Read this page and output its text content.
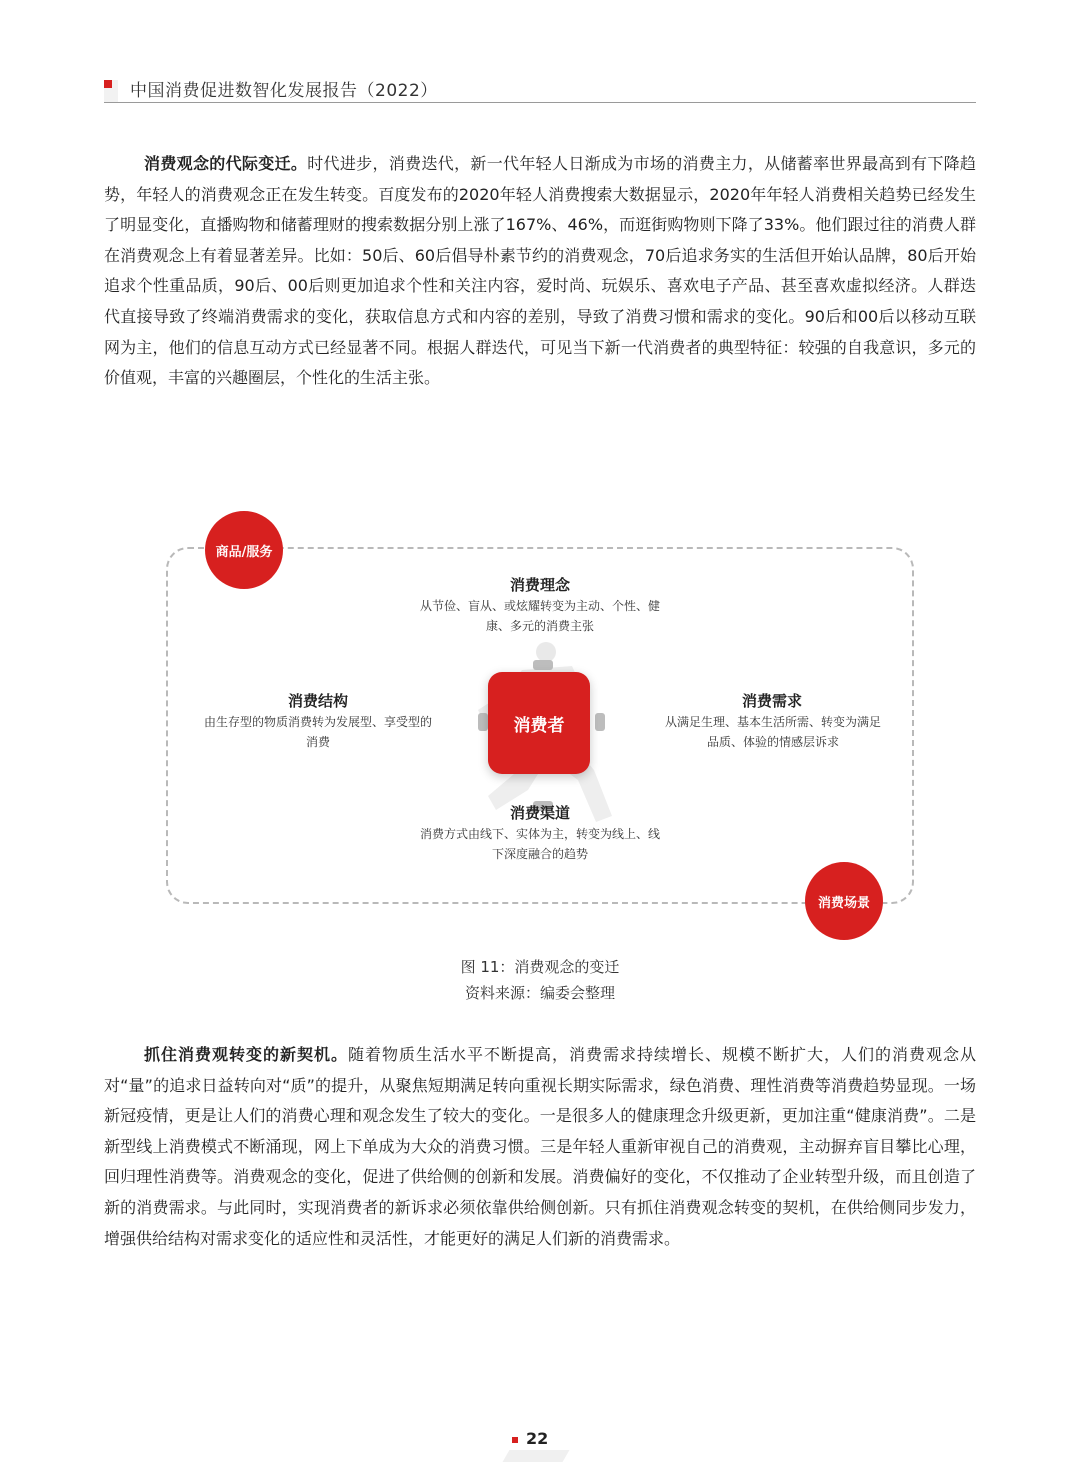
中国消费促进数智化发展报告（2022）

消费观念的代际变迁。时代进步，消费迭代，新一代年轻人日渐成为市场的消费主力，从储蓄率世界最高到有下降趋势，年轻人的消费观念正在发生转变。百度发布的2020年轻人消费搜索大数据显示，2020年年轻人消费相关趋势已经发生了明显变化，直播购物和储蓄理财的搜索数据分别上涨了167%、46%，而逛街购物则下降了33%。他们跟过往的消费人群在消费观念上有着显著差异。比如：50后、60后倡导朴素节约的消费观念，70后追求务实的生活但开始认品牌，80后开始追求个性重品质，90后、00后则更加追求个性和关注内容，爱时尚、玩娱乐、喜欢电子产品、甚至喜欢虚拟经济。人群迭代直接导致了终端消费需求的变化，获取信息方式和内容的差别，导致了消费习惯和需求的变化。90后和00后以移动互联网为主，他们的信息互动方式已经显著不同。根据人群迭代，可见当下新一代消费者的典型特征：较强的自我意识，多元的价值观，丰富的兴趣圈层，个性化的生活主张。

商品/服务
消费场景
消费者
消费理念
从节俭、盲从、或炫耀转变为主动、个性、健康、多元的消费主张
消费结构
由生存型的物质消费转为发展型、享受型的消费
消费需求
从满足生理、基本生活所需、转变为满足品质、体验的情感层诉求
消费渠道
消费方式由线下、实体为主，转变为线上、线下深度融合的趋势
图 11：消费观念的变迁
资料来源：编委会整理

抓住消费观转变的新契机。随着物质生活水平不断提高，消费需求持续增长、规模不断扩大，人们的消费观念从对“量”的追求日益转向对“质”的提升，从聚焦短期满足转向重视长期实际需求，绿色消费、理性消费等消费趋势显现。一场新冠疫情，更是让人们的消费心理和观念发生了较大的变化。一是很多人的健康理念升级更新，更加注重“健康消费”。二是新型线上消费模式不断涌现，网上下单成为大众的消费习惯。三是年轻人重新审视自己的消费观，主动摒弃盲目攀比心理，回归理性消费等。消费观念的变化，促进了供给侧的创新和发展。消费偏好的变化，不仅推动了企业转型升级，而且创造了新的消费需求。与此同时，实现消费者的新诉求必须依靠供给侧创新。只有抓住消费观念转变的契机，在供给侧同步发力，增强供给结构对需求变化的适应性和灵活性，才能更好的满足人们新的消费需求。

22
